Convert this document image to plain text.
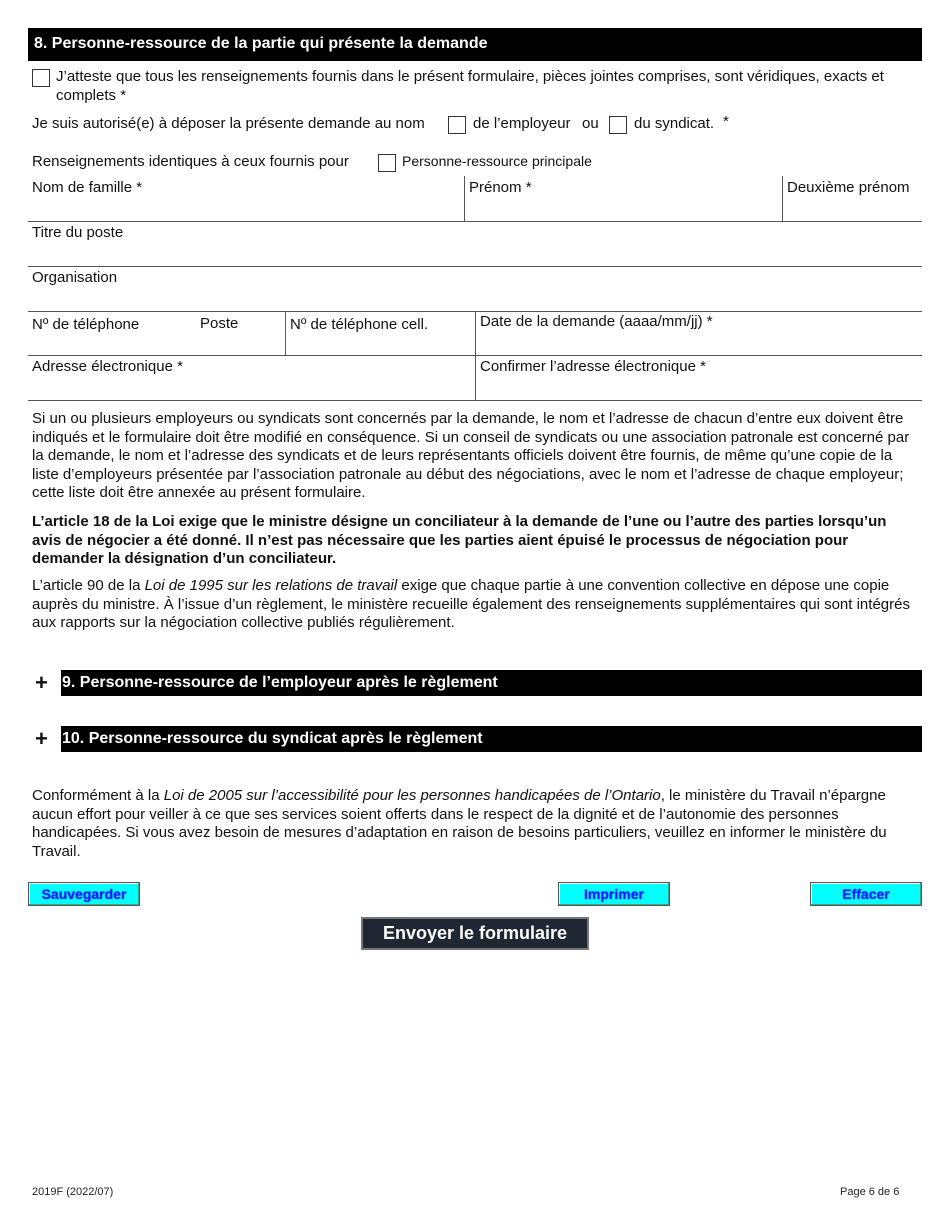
8. Personne-ressource de la partie qui présente la demande
J’atteste que tous les renseignements fournis dans le présent formulaire, pièces jointes comprises, sont véridiques, exacts et
complets *
Je suis autorisé(e) à déposer la présente demande au nom	de l’employeur ou du syndicat. *
Renseignements identiques à ceux fournis pour	Personne-ressource principale
Nom de famille *	Prénom *	Deuxième prénom
Titre du poste
Organisation
Nº de téléphone	Poste	Nº de téléphone cell.	Date de la demande (aaaa/mm/jj) *
Adresse électronique *	Confirmer l’adresse électronique *
Si un ou plusieurs employeurs ou syndicats sont concernés par la demande, le nom et l’adresse de chacun d’entre eux doivent être indiqués et le formulaire doit être modifié en conséquence. Si un conseil de syndicats ou une association patronale est concerné par la demande, le nom et l’adresse des syndicats et de leurs représentants officiels doivent être fournis, de même qu’une copie de la liste d’employeurs présentée par l’association patronale au début des négociations, avec le nom et l’adresse de chaque employeur; cette liste doit être annexée au présent formulaire.
L’article 18 de la Loi exige que le ministre désigne un conciliateur à la demande de l’une ou l’autre des parties lorsqu’un avis de négocier a été donné. Il n’est pas nécessaire que les parties aient épuisé le processus de négociation pour demander la désignation d’un conciliateur.
L’article 90 de la Loi de 1995 sur les relations de travail exige que chaque partie à une convention collective en dépose une copie auprès du ministre. À l’issue d’un règlement, le ministère recueille également des renseignements supplémentaires qui sont intégrés aux rapports sur la négociation collective publiés régulièrement.
+ 9. Personne-ressource de l’employeur après le règlement
+ 10. Personne-ressource du syndicat après le règlement
Conformément à la Loi de 2005 sur l’accessibilité pour les personnes handicapées de l’Ontario, le ministère du Travail n’épargne aucun effort pour veiller à ce que ses services soient offerts dans le respect de la dignité et de l’autonomie des personnes handicapées. Si vous avez besoin de mesures d’adaptation en raison de besoins particuliers, veuillez en informer le ministère du Travail.
Sauvegarder	Imprimer	Effacer
Envoyer le formulaire
2019F (2022/07)	Page 6 de 6
